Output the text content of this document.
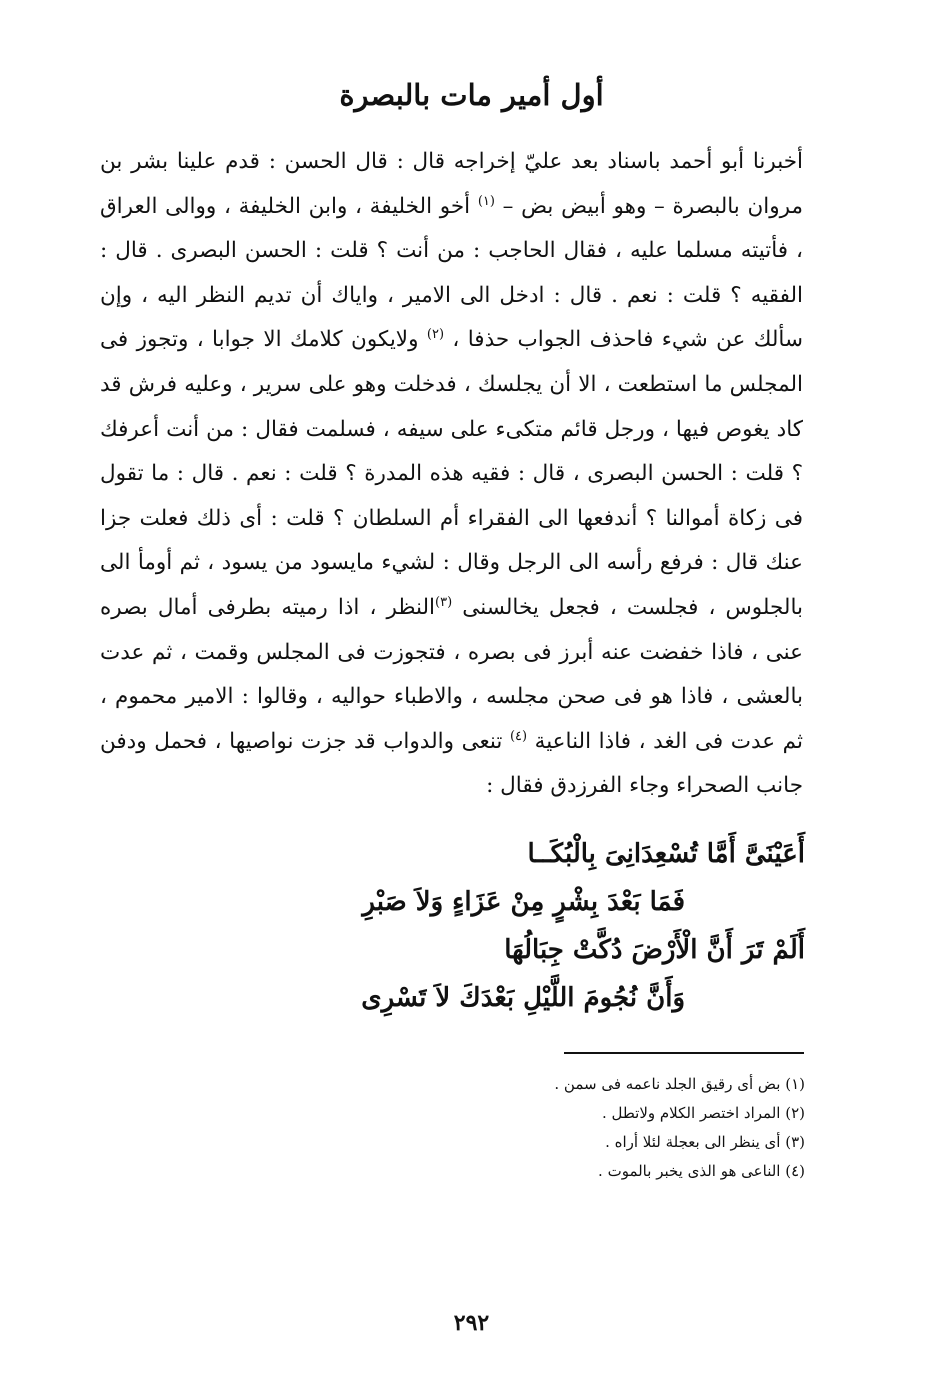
أول أمير مات بالبصرة

أخبرنا أبو أحمد باسناد بعد عليّ إخراجه قال : قال الحسن : قدم علينا بشر بن مروان بالبصرة – وهو أبيض بض – $^{(١)}$ أخو الخليفة ، وابن الخليفة ، ووالى العراق ، فأتيته مسلما عليه ، فقال الحاجب : من أنت ؟ قلت : الحسن البصرى . قال : الفقيه ؟ قلت : نعم . قال : ادخل الى الامير ، واياك أن تديم النظر اليه ، وإن سألك عن شيء فاحذف الجواب حذفا ، $^{(٢)}$ ولايكون كلامك الا جوابا ، وتجوز فى المجلس ما استطعت ، الا أن يجلسك ، فدخلت وهو على سرير ، وعليه فرش قد كاد يغوص فيها ، ورجل قائم متكىء على سيفه ، فسلمت فقال : من أنت أعرفك ؟ قلت : الحسن البصرى ، قال : فقيه هذه المدرة ؟ قلت : نعم . قال : ما تقول فى زكاة أموالنا ؟ أندفعها الى الفقراء أم السلطان ؟ قلت : أى ذلك فعلت جزا عنك قال : فرفع رأسه الى الرجل وقال : لشيء مايسود من يسود ، ثم أومأ الى بالجلوس ، فجلست ، فجعل يخالسنى $^{(٣)}$النظر ، اذا رميته بطرفى أمال بصره عنى ، فاذا خفضت عنه أبرز فى بصره ، فتجوزت فى المجلس وقمت ، ثم عدت بالعشى ، فاذا هو فى صحن مجلسه ، والاطباء حواليه ، وقالوا : الامير محموم ، ثم عدت فى الغد ، فاذا الناعية $^{(٤)}$ تنعى والدواب قد جزت نواصيها ، فحمل ودفن جانب الصحراء وجاء الفرزدق فقال :

أَعَيْنَىَّ أَمَّا تُسْعِدَانِىَ بِالْبُكَــا
فَمَا بَعْدَ بِشْرٍ مِنْ عَزَاءٍ وَلاَ صَبْرِ
أَلَمْ تَرَ أَنَّ الْأَرْضَ دُكَّتْ جِبَالُهَا
وَأَنَّ نُجُومَ اللَّيْلِ بَعْدَكَ لاَ تَسْرِى
(١) بض أى رقيق الجلد ناعمه فى سمن .
(٢) المراد اختصر الكلام ولاتطل .
(٣) أى ينظر الى بعجلة لئلا أراه .
(٤) الناعى هو الذى يخبر بالموت .
٢٩٢
